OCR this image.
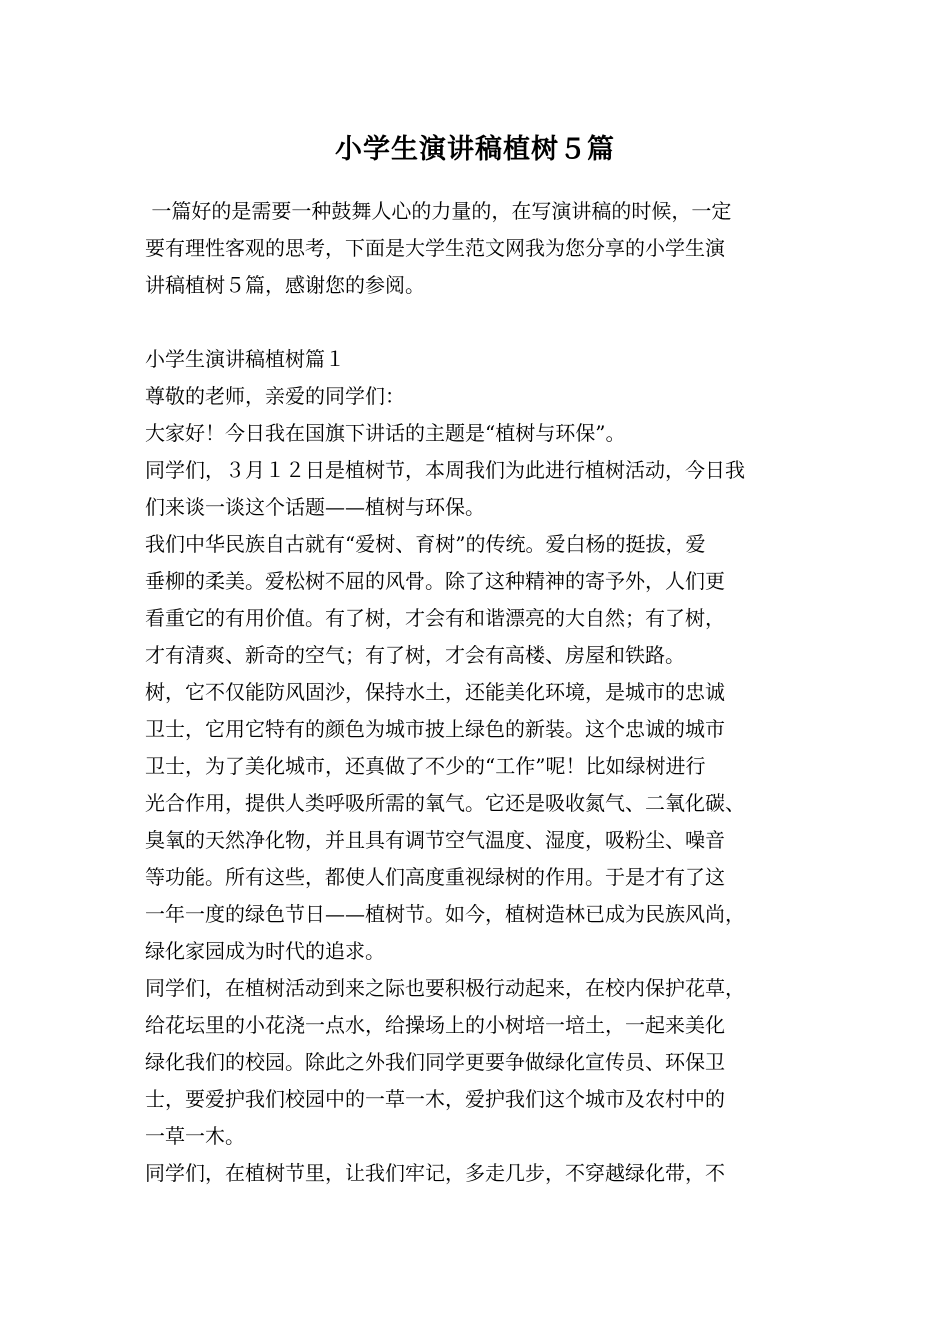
小学生演讲稿植树５篇
一篇好的是需要一种鼓舞人心的力量的，在写演讲稿的时候，一定
要有理性客观的思考，下面是大学生范文网我为您分享的小学生演
讲稿植树５篇，感谢您的参阅。
小学生演讲稿植树篇１
尊敬的老师，亲爱的同学们：
大家好！今日我在国旗下讲话的主题是“植树与环保”。
同学们，３月１２日是植树节，本周我们为此进行植树活动，今日我
们来谈一谈这个话题——植树与环保。
我们中华民族自古就有“爱树、育树”的传统。爱白杨的挺拔，爱
垂柳的柔美。爱松树不屈的风骨。除了这种精神的寄予外，人们更
看重它的有用价值。有了树，才会有和谐漂亮的大自然；有了树，
才有清爽、新奇的空气；有了树，才会有高楼、房屋和铁路。
树，它不仅能防风固沙，保持水土，还能美化环境，是城市的忠诚
卫士，它用它特有的颜色为城市披上绿色的新装。这个忠诚的城市
卫士，为了美化城市，还真做了不少的“工作”呢！比如绿树进行
光合作用，提供人类呼吸所需的氧气。它还是吸收氮气、二氧化碳、
臭氧的天然净化物，并且具有调节空气温度、湿度，吸粉尘、噪音
等功能。所有这些，都使人们高度重视绿树的作用。于是才有了这
一年一度的绿色节日——植树节。如今，植树造林已成为民族风尚，
绿化家园成为时代的追求。
同学们，在植树活动到来之际也要积极行动起来，在校内保护花草，
给花坛里的小花浇一点水，给操场上的小树培一培土，一起来美化
绿化我们的校园。除此之外我们同学更要争做绿化宣传员、环保卫
士，要爱护我们校园中的一草一木，爱护我们这个城市及农村中的
一草一木。
同学们，在植树节里，让我们牢记，多走几步，不穿越绿化带，不
